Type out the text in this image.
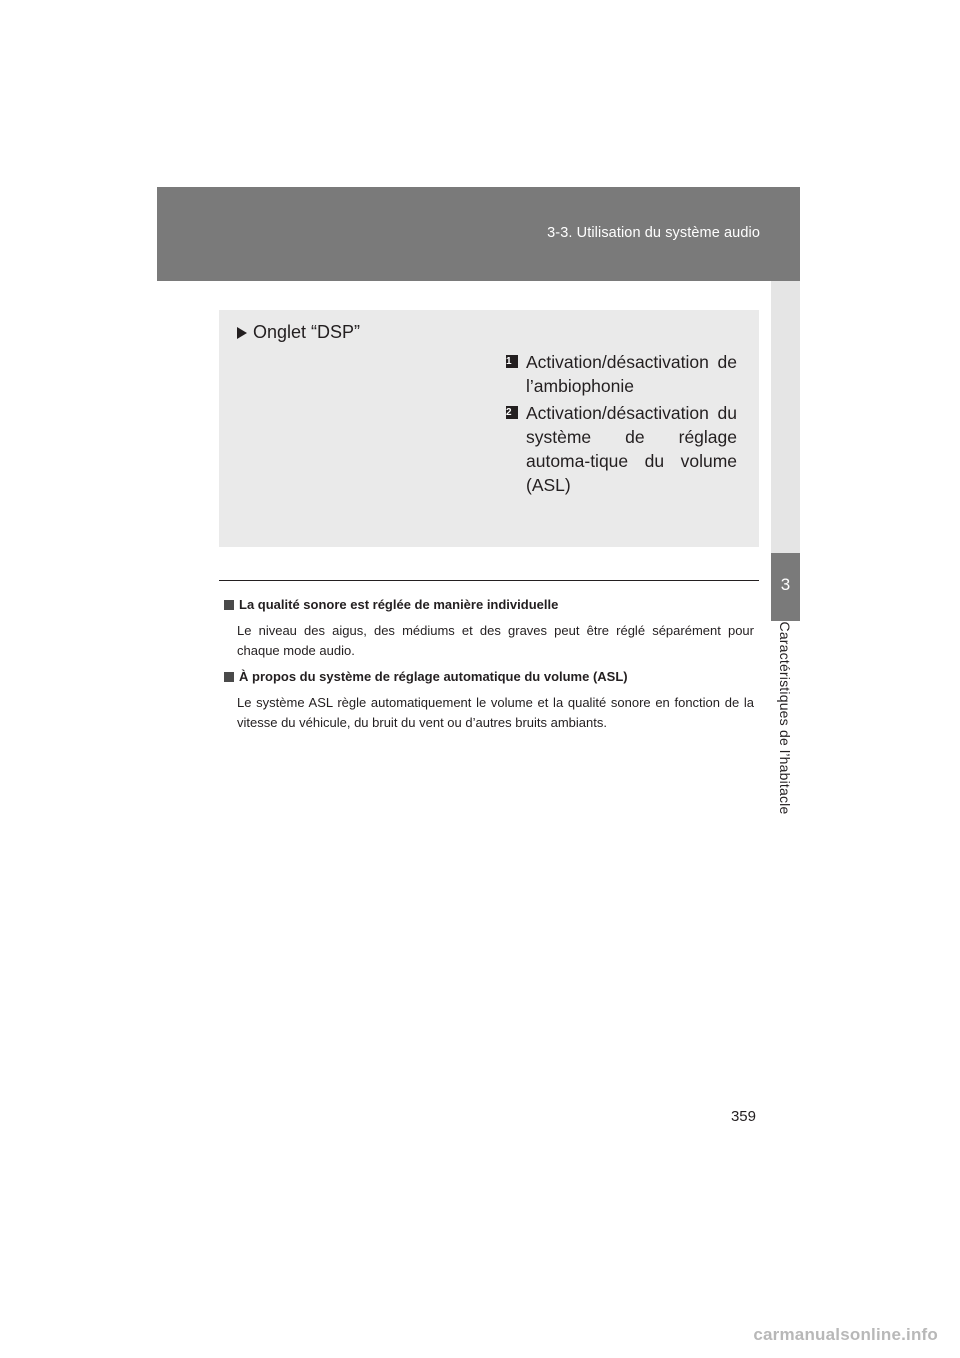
3-3. Utilisation du système audio
3
Caractéristiques de l’habitacle
Onglet “DSP”
1 Activation/désactivation de l’ambiophonie
2 Activation/désactivation du système de réglage automa-tique du volume (ASL)
La qualité sonore est réglée de manière individuelle

Le niveau des aigus, des médiums et des graves peut être réglé séparément pour chaque mode audio.

À propos du système de réglage automatique du volume (ASL)

Le système ASL règle automatiquement le volume et la qualité sonore en fonction de la vitesse du véhicule, du bruit du vent ou d’autres bruits ambiants.

359
carmanualsonline.info
